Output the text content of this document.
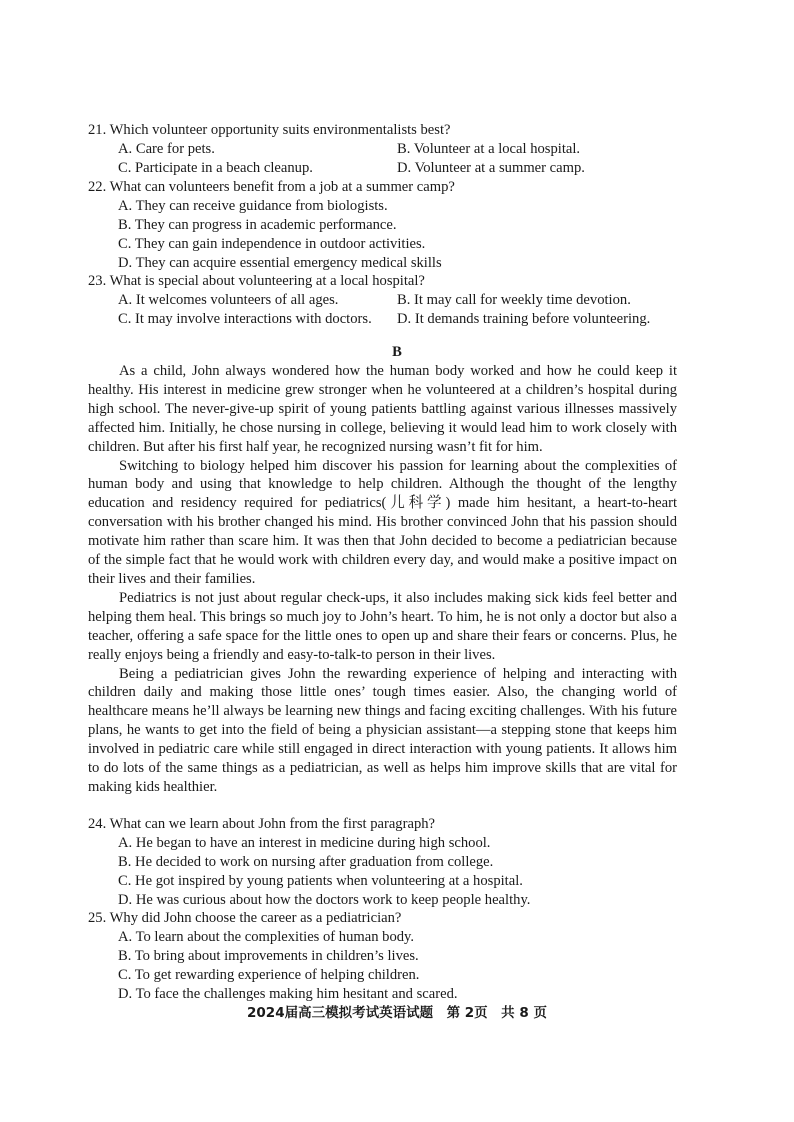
21. Which volunteer opportunity suits environmentalists best?
A. Care for pets.	B. Volunteer at a local hospital.
C. Participate in a beach cleanup.	D. Volunteer at a summer camp.
22. What can volunteers benefit from a job at a summer camp?
A. They can receive guidance from biologists.
B. They can progress in academic performance.
C. They can gain independence in outdoor activities.
D. They can acquire essential emergency medical skills
23. What is special about volunteering at a local hospital?
A. It welcomes volunteers of all ages.	B. It may call for weekly time devotion.
C. It may involve interactions with doctors. D. It demands training before volunteering.
B

As a child, John always wondered how the human body worked and how he could keep it healthy. His interest in medicine grew stronger when he volunteered at a children’s hospital during high school. The never-give-up spirit of young patients battling against various illnesses massively affected him. Initially, he chose nursing in college, believing it would lead him to work closely with children. But after his first half year, he recognized nursing wasn’t fit for him.

Switching to biology helped him discover his passion for learning about the complexities of human body and using that knowledge to help children. Although the thought of the lengthy education and residency required for pediatrics(儿科学) made him hesitant, a heart-to-heart conversation with his brother changed his mind. His brother convinced John that his passion should motivate him rather than scare him. It was then that John decided to become a pediatrician because of the simple fact that he would work with children every day, and would make a positive impact on their lives and their families.

Pediatrics is not just about regular check-ups, it also includes making sick kids feel better and helping them heal. This brings so much joy to John’s heart. To him, he is not only a doctor but also a teacher, offering a safe space for the little ones to open up and share their fears or concerns. Plus, he really enjoys being a friendly and easy-to-talk-to person in their lives.

Being a pediatrician gives John the rewarding experience of helping and interacting with children daily and making those little ones’ tough times easier. Also, the changing world of healthcare means he’ll always be learning new things and facing exciting challenges. With his future plans, he wants to get into the field of being a physician assistant—a stepping stone that keeps him involved in pediatric care while still engaged in direct interaction with young patients. It allows him to do lots of the same things as a pediatrician, as well as helps him improve skills that are vital for making kids healthier.

24. What can we learn about John from the first paragraph?
A. He began to have an interest in medicine during high school.
B. He decided to work on nursing after graduation from college.
C. He got inspired by young patients when volunteering at a hospital.
D. He was curious about how the doctors work to keep people healthy.
25. Why did John choose the career as a pediatrician?
A. To learn about the complexities of human body.
B. To bring about improvements in children’s lives.
C. To get rewarding experience of helping children.
D. To face the challenges making him hesitant and scared.
2024届高三模拟考试英语试题　第 2页　共 8 页
